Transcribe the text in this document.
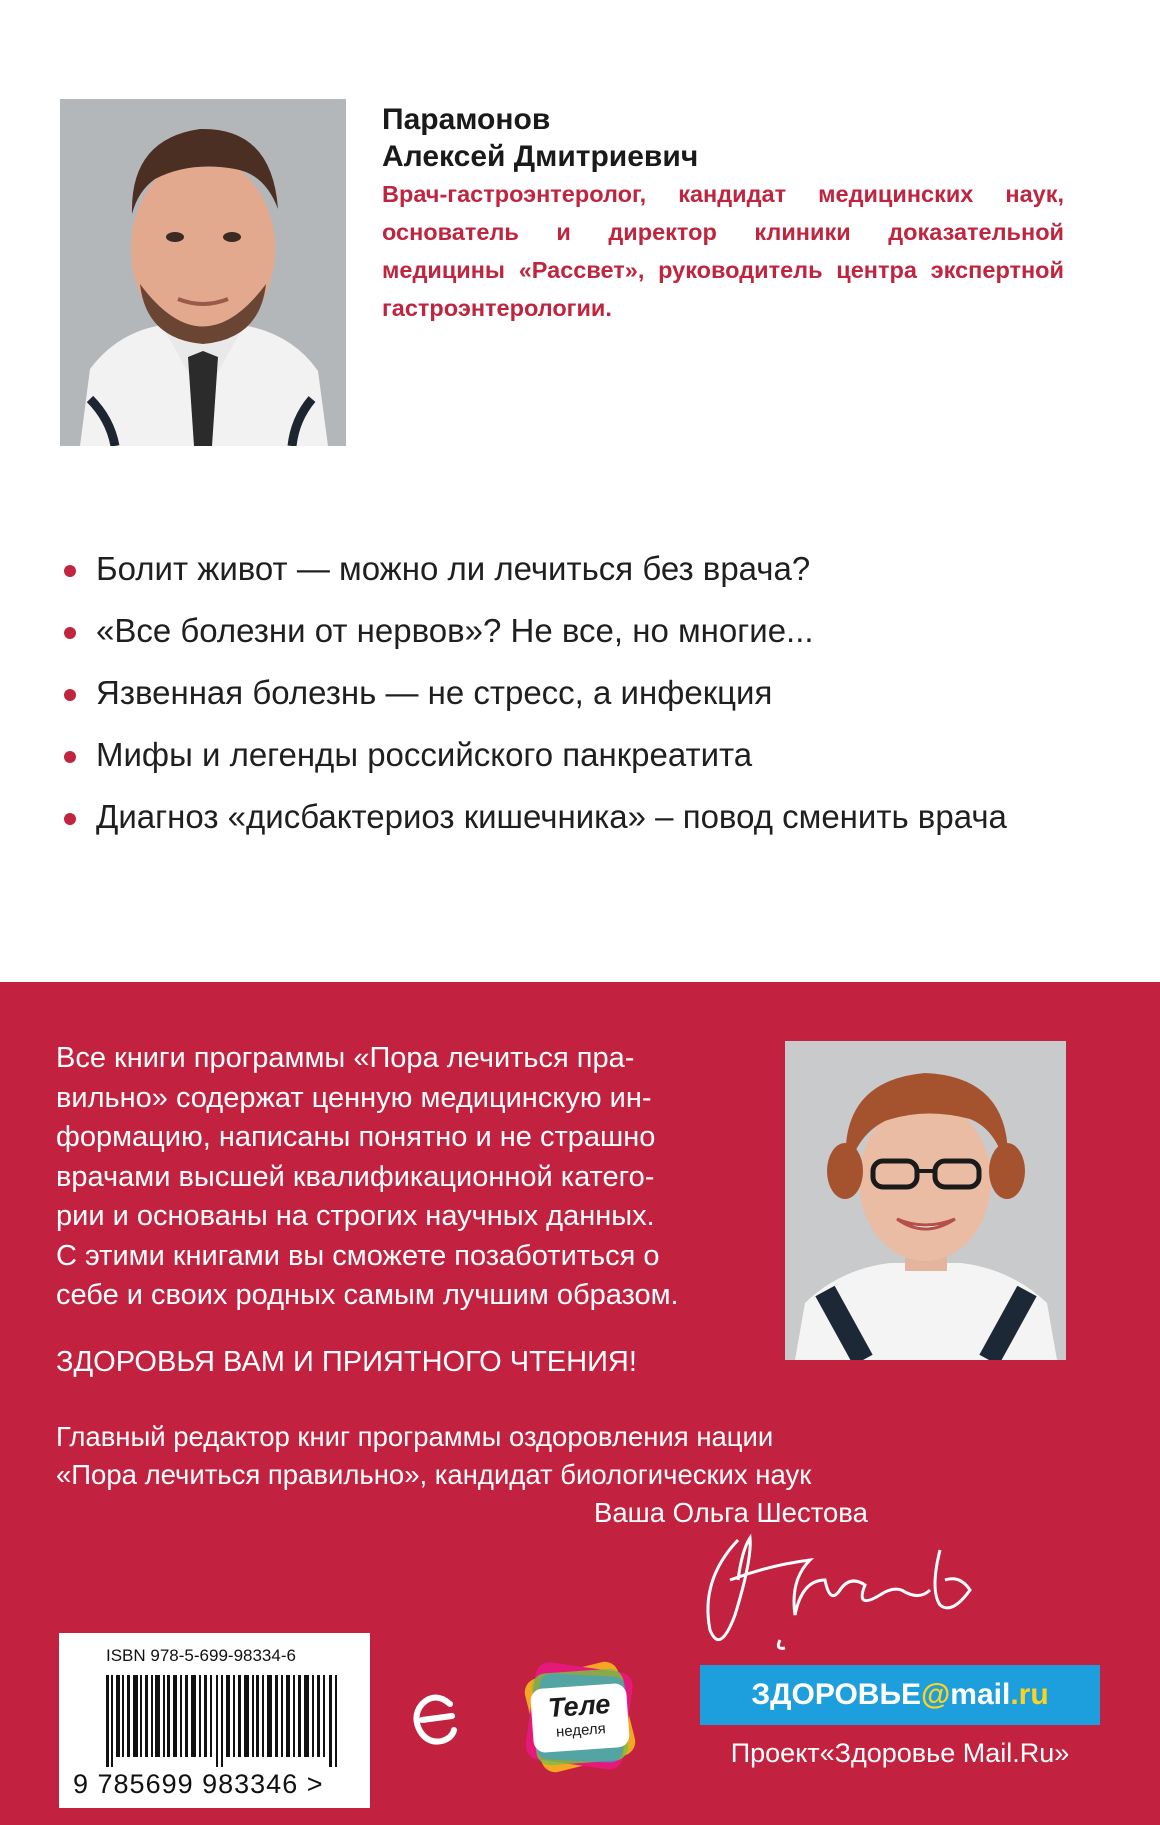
Парамонов
Алексей Дмитриевич
Врач-гастроэнтеролог, кандидат медицинских наук, основатель и директор клиники доказательной медицины «Рассвет», руководитель центра экспертной гастроэнтерологии.
Болит живот — можно ли лечиться без врача?
«Все болезни от нервов»? Не все, но многие...
Язвенная болезнь — не стресс, а инфекция
Мифы и легенды российского панкреатита
Диагноз «дисбактериоз кишечника» – повод сменить врача
Все книги программы «Пора лечиться пра-
вильно» содержат ценную медицинскую ин-
формацию, написаны понятно и не страшно
врачами высшей квалификационной катего-
рии и основаны на строгих научных данных.
С этими книгами вы сможете позаботиться о
себе и своих родных самым лучшим образом.
ЗДОРОВЬЯ ВАМ И ПРИЯТНОГО ЧТЕНИЯ!
Главный редактор книг программы оздоровления нации
«Пора лечиться правильно», кандидат биологических наук
Ваша Ольга Шестова
ISBN 978-5-699-98334-6
9 785699 983346 >
Теле
неделя
ЗДОРОВЬЕ@mail.ru
Проект«Здоровье Mail.Ru»
